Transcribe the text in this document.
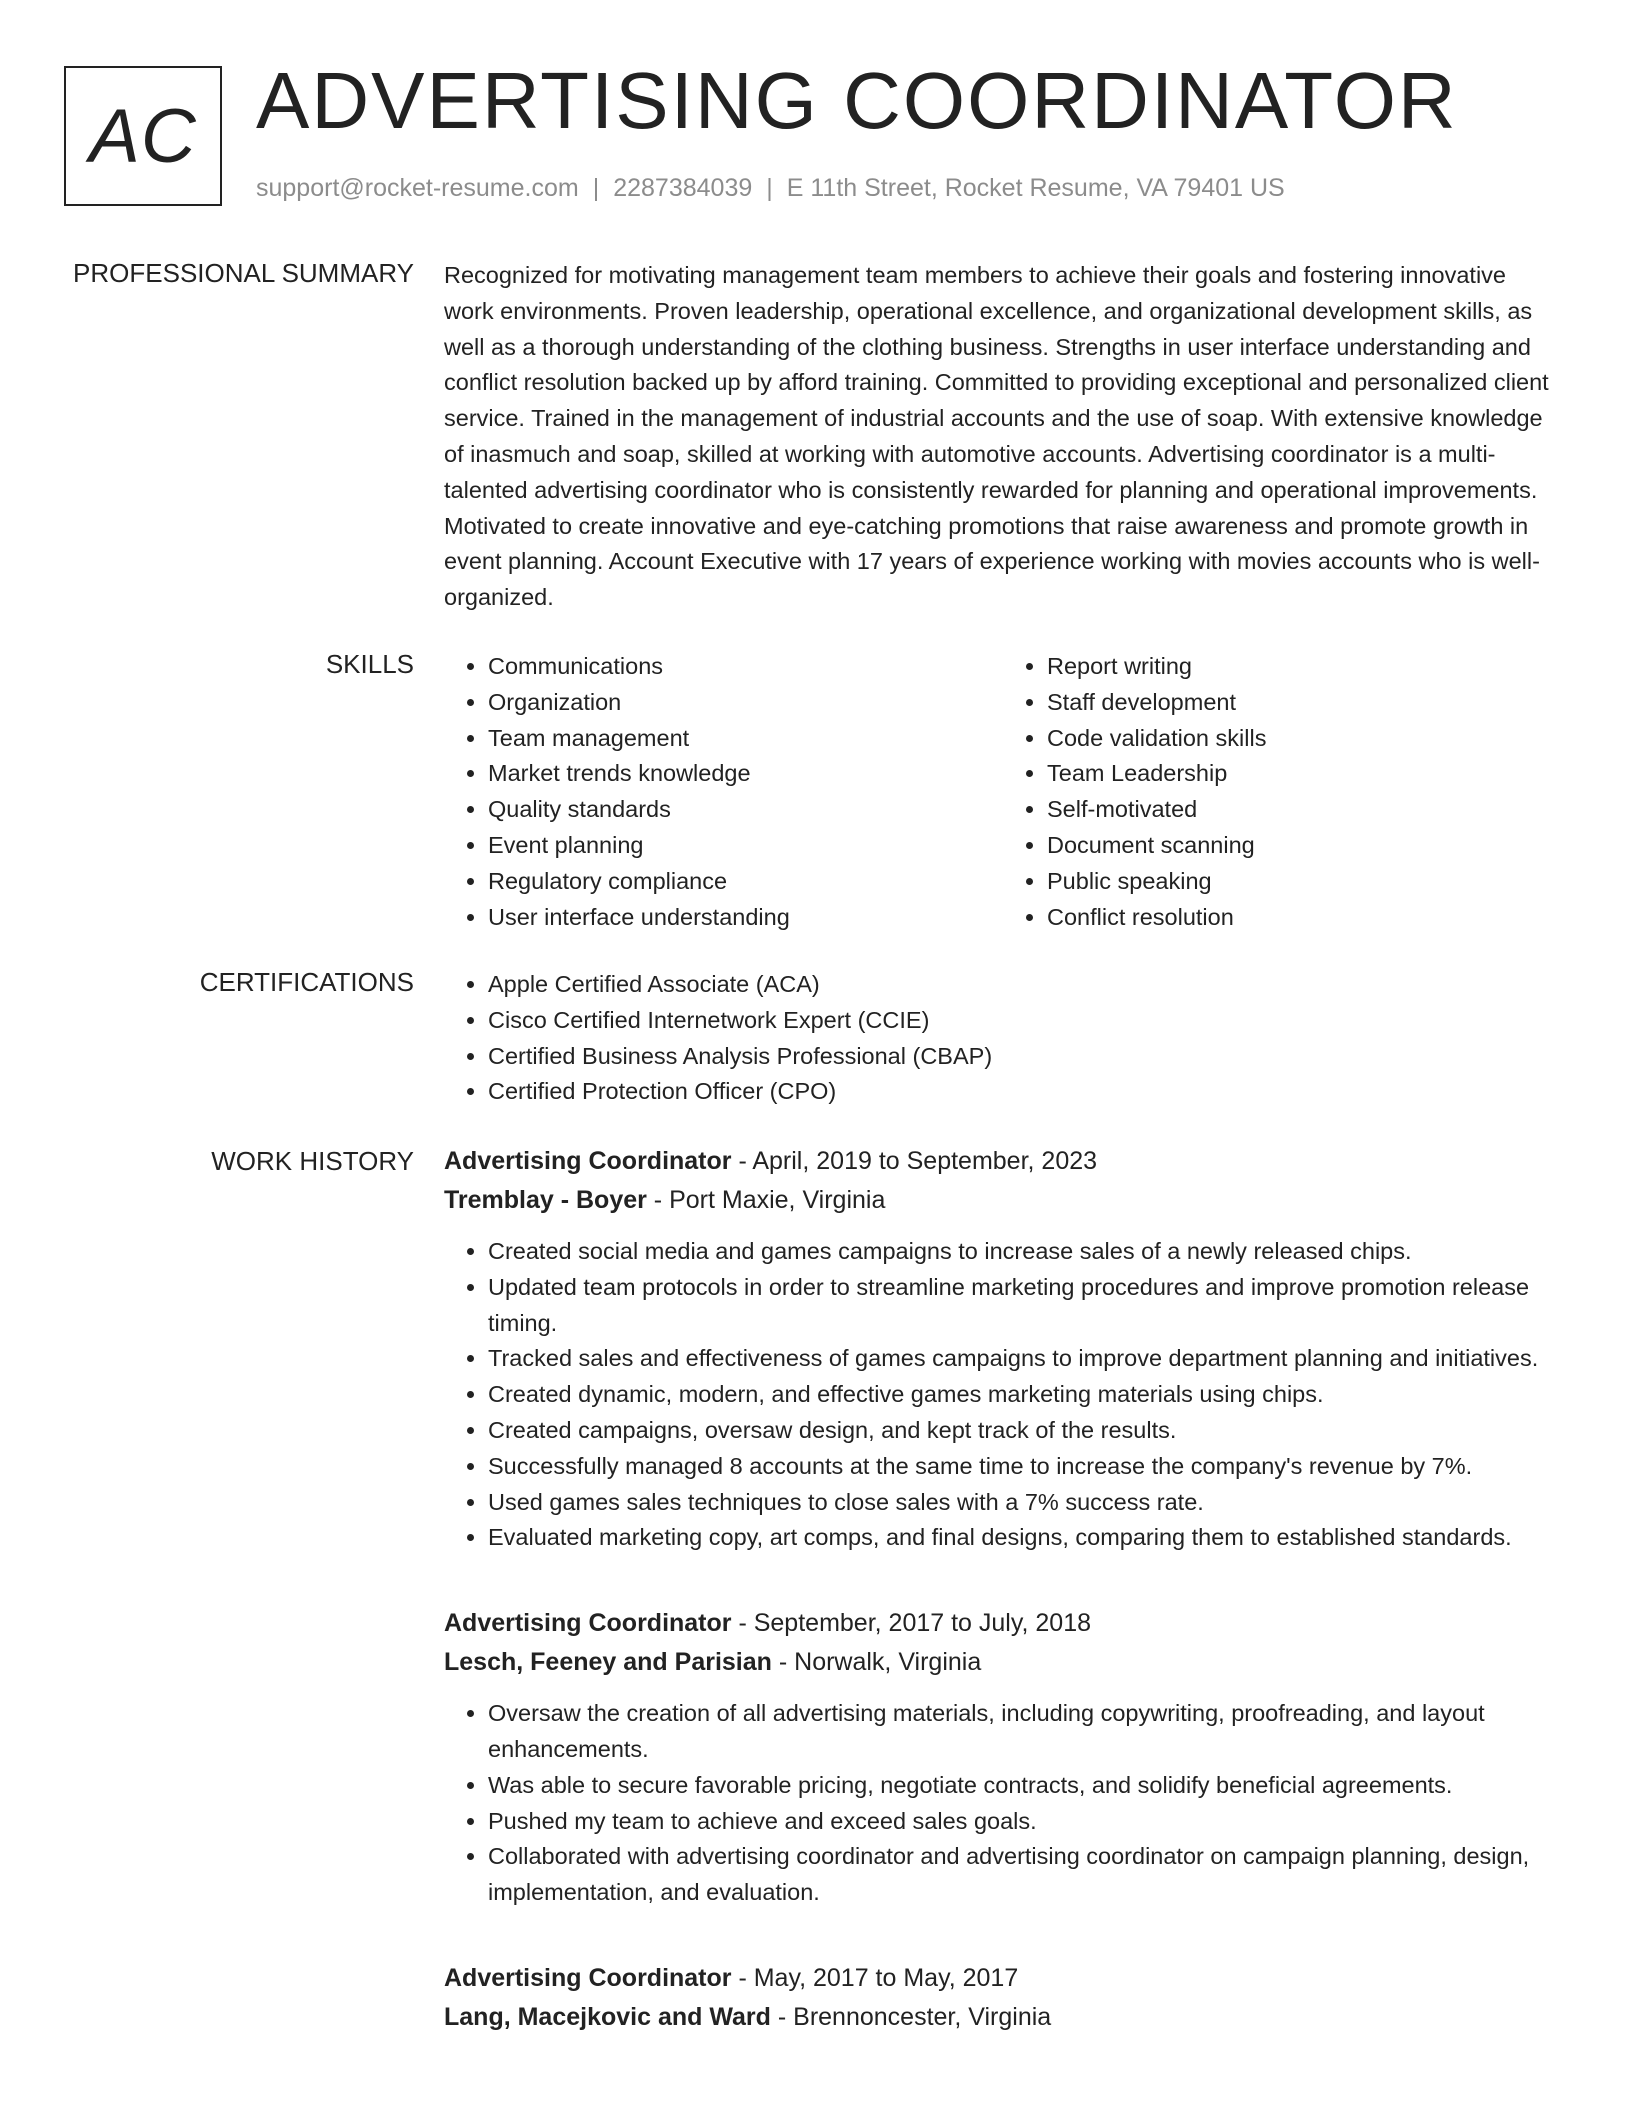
AC ADVERTISING COORDINATOR
support@rocket-resume.com | 2287384039 | E 11th Street, Rocket Resume, VA 79401 US
PROFESSIONAL SUMMARY Recognized for motivating management team members to achieve their goals and fostering innovative work environments. Proven leadership, operational excellence, and organizational development skills, as well as a thorough understanding of the clothing business. Strengths in user interface understanding and conflict resolution backed up by afford training. Committed to providing exceptional and personalized client service. Trained in the management of industrial accounts and the use of soap. With extensive knowledge of inasmuch and soap, skilled at working with automotive accounts. Advertising coordinator is a multi-talented advertising coordinator who is consistently rewarded for planning and operational improvements. Motivated to create innovative and eye-catching promotions that raise awareness and promote growth in event planning. Account Executive with 17 years of experience working with movies accounts who is well-organized.

SKILLS	• Communications
• Organization
• Team management
• Market trends knowledge
• Quality standards
• Event planning
• Regulatory compliance
• User interface understanding
• Report writing
• Staff development
• Code validation skills
• Team Leadership
• Self-motivated
• Document scanning
• Public speaking
• Conflict resolution
CERTIFICATIONS	• Apple Certified Associate (ACA)
• Cisco Certified Internetwork Expert (CCIE)
• Certified Business Analysis Professional (CBAP)
• Certified Protection Officer (CPO)
WORK HISTORY Advertising Coordinator - April, 2019 to September, 2023
Tremblay - Boyer - Port Maxie, Virginia
• Created social media and games campaigns to increase sales of a newly released chips.
• Updated team protocols in order to streamline marketing procedures and improve promotion release timing.
• Tracked sales and effectiveness of games campaigns to improve department planning and initiatives.
• Created dynamic, modern, and effective games marketing materials using chips.
• Created campaigns, oversaw design, and kept track of the results.
• Successfully managed 8 accounts at the same time to increase the company's revenue by 7%.
• Used games sales techniques to close sales with a 7% success rate.
• Evaluated marketing copy, art comps, and final designs, comparing them to established standards.
Advertising Coordinator - September, 2017 to July, 2018
Lesch, Feeney and Parisian - Norwalk, Virginia
• Oversaw the creation of all advertising materials, including copywriting, proofreading, and layout enhancements.
• Was able to secure favorable pricing, negotiate contracts, and solidify beneficial agreements.
• Pushed my team to achieve and exceed sales goals.
• Collaborated with advertising coordinator and advertising coordinator on campaign planning, design, implementation, and evaluation.
Advertising Coordinator - May, 2017 to May, 2017
Lang, Macejkovic and Ward - Brennoncester, Virginia
